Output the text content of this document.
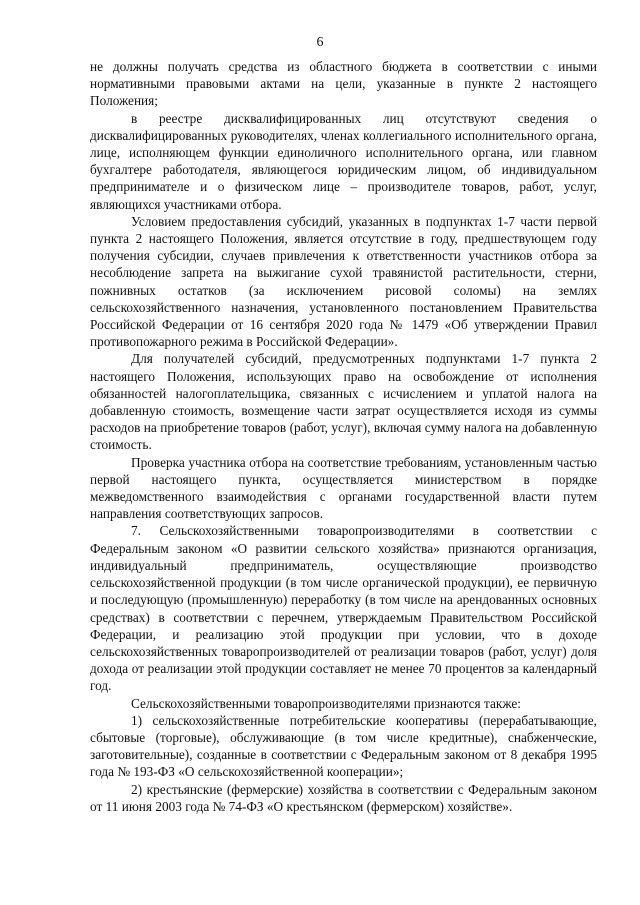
6

не должны получать средства из областного бюджета в соответствии с иными нормативными правовыми актами на цели, указанные в пункте 2 настоящего Положения;

в реестре дисквалифицированных лиц отсутствуют сведения о дисквалифицированных руководителях, членах коллегиального исполнительного органа, лице, исполняющем функции единоличного исполнительного органа, или главном бухгалтере работодателя, являющегося юридическим лицом, об индивидуальном предпринимателе и о физическом лице – производителе товаров, работ, услуг, являющихся участниками отбора.

Условием предоставления субсидий, указанных в подпунктах 1-7 части первой пункта 2 настоящего Положения, является отсутствие в году, предшествующем году получения субсидии, случаев привлечения к ответственности участников отбора за несоблюдение запрета на выжигание сухой травянистой растительности, стерни, пожнивных остатков (за исключением рисовой соломы) на землях сельскохозяйственного назначения, установленного постановлением Правительства Российской Федерации от 16 сентября 2020 года № 1479 «Об утверждении Правил противопожарного режима в Российской Федерации».

Для получателей субсидий, предусмотренных подпунктами 1-7 пункта 2 настоящего Положения, использующих право на освобождение от исполнения обязанностей налогоплательщика, связанных с исчислением и уплатой налога на добавленную стоимость, возмещение части затрат осуществляется исходя из суммы расходов на приобретение товаров (работ, услуг), включая сумму налога на добавленную стоимость.

Проверка участника отбора на соответствие требованиям, установленным частью первой настоящего пункта, осуществляется министерством в порядке межведомственного взаимодействия с органами государственной власти путем направления соответствующих запросов.

7. Сельскохозяйственными товаропроизводителями в соответствии с Федеральным законом «О развитии сельского хозяйства» признаются организация, индивидуальный предприниматель, осуществляющие производство сельскохозяйственной продукции (в том числе органической продукции), ее первичную и последующую (промышленную) переработку (в том числе на арендованных основных средствах) в соответствии с перечнем, утверждаемым Правительством Российской Федерации, и реализацию этой продукции при условии, что в доходе сельскохозяйственных товаропроизводителей от реализации товаров (работ, услуг) доля дохода от реализации этой продукции составляет не менее 70 процентов за календарный год.

Сельскохозяйственными товаропроизводителями признаются также:

1) сельскохозяйственные потребительские кооперативы (перерабатывающие, сбытовые (торговые), обслуживающие (в том числе кредитные), снабженческие, заготовительные), созданные в соответствии с Федеральным законом от 8 декабря 1995 года № 193-ФЗ «О сельскохозяйственной кооперации»;

2) крестьянские (фермерские) хозяйства в соответствии с Федеральным законом от 11 июня 2003 года № 74-ФЗ «О крестьянском (фермерском) хозяйстве».
